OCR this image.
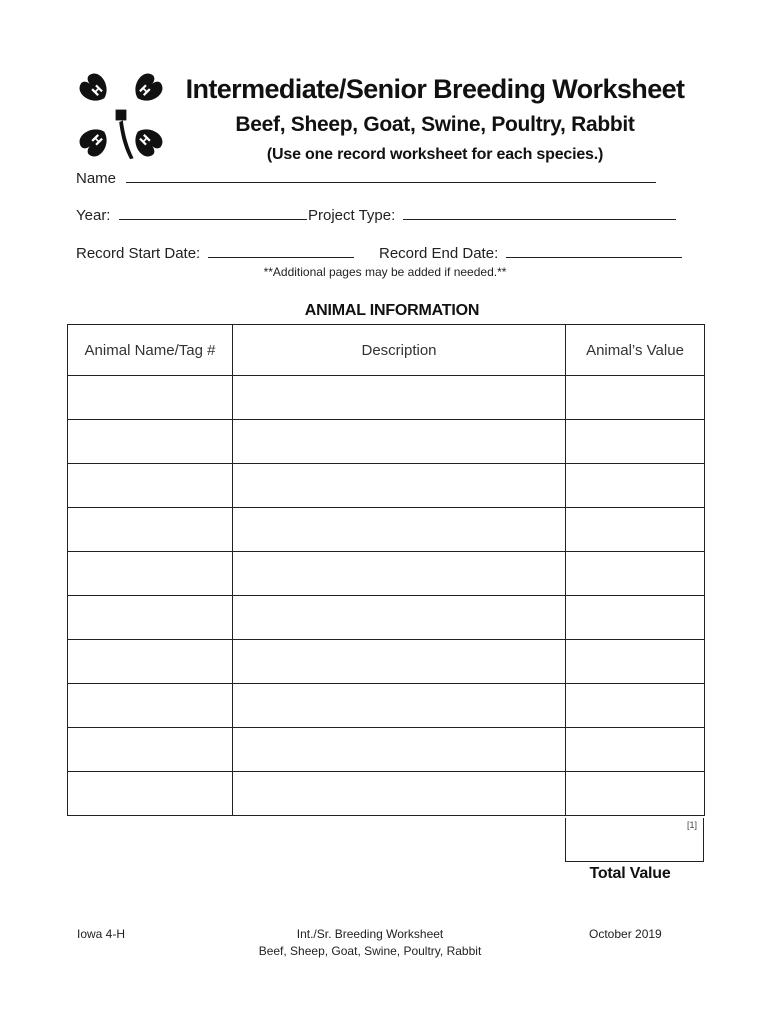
H H
H H
Intermediate/Senior Breeding Worksheet
Beef, Sheep, Goat, Swine, Poultry, Rabbit
(Use one record worksheet for each species.)
Name
Year:	Project Type:
Record Start Date:	Record End Date:
**Additional pages may be added if needed.**
ANIMAL INFORMATION
Animal Name/Tag #	Description	Animal’s Value

[1]
Total Value
Iowa 4-H	Int./Sr. Breeding Worksheet
Beef, Sheep, Goat, Swine, Poultry, Rabbit
October 2019
